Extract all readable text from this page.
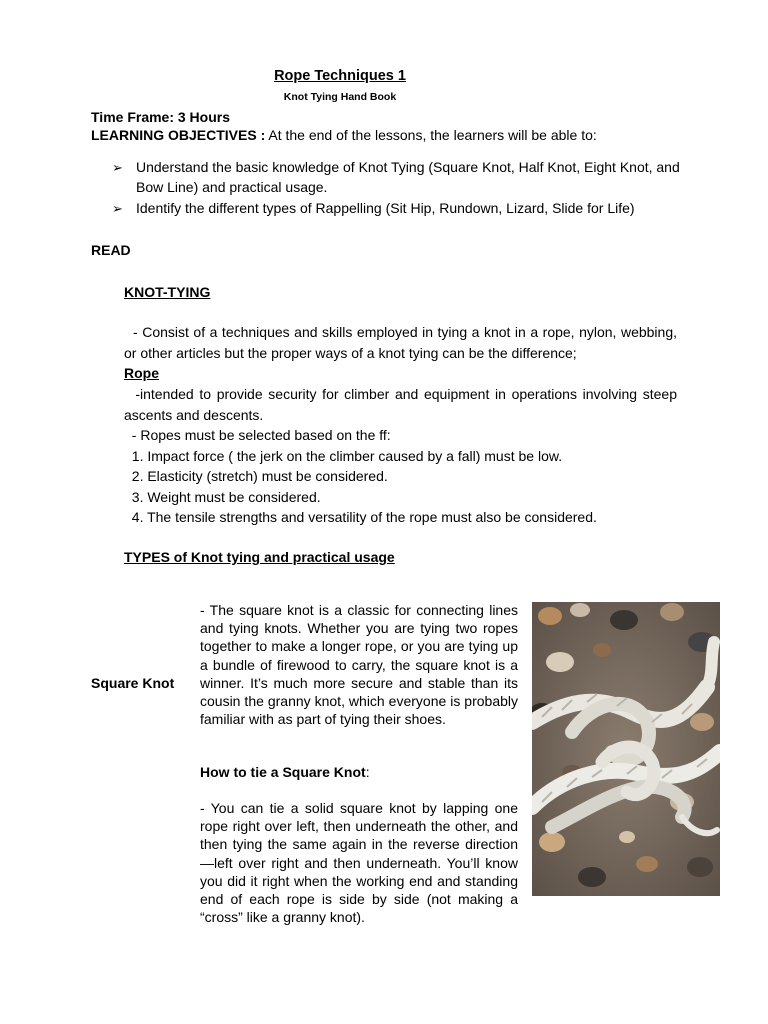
Rope Techniques 1
Knot Tying Hand Book
Time Frame: 3 Hours
LEARNING OBJECTIVES : At the end of the lessons, the learners will be able to:
➢ Understand the basic knowledge of Knot Tying (Square Knot, Half Knot, Eight Knot, and Bow Line) and practical usage.
➢ Identify the different types of Rappelling (Sit Hip, Rundown, Lizard, Slide for Life)
READ
KNOT-TYING
- Consist of a techniques and skills employed in tying a knot in a rope, nylon, webbing, or other articles but the proper ways of a knot tying can be the difference;
Rope
-intended to provide security for climber and equipment in operations involving steep ascents and descents.
- Ropes must be selected based on the ff:
1. Impact force ( the jerk on the climber caused by a fall) must be low.
2. Elasticity (stretch) must be considered.
3. Weight must be considered.
4. The tensile strengths and versatility of the rope must also be considered.
TYPES of Knot tying and practical usage
Square Knot
- The square knot is a classic for connecting lines and tying knots. Whether you are tying two ropes together to make a longer rope, or you are tying up a bundle of firewood to carry, the square knot is a winner. It’s much more secure and stable than its cousin the granny knot, which everyone is probably familiar with as part of tying their shoes.
How to tie a Square Knot:
- You can tie a solid square knot by lapping one rope right over left, then underneath the other, and then tying the same again in the reverse direction—left over right and then underneath. You’ll know you did it right when the working end and standing end of each rope is side by side (not making a “cross” like a granny knot).
